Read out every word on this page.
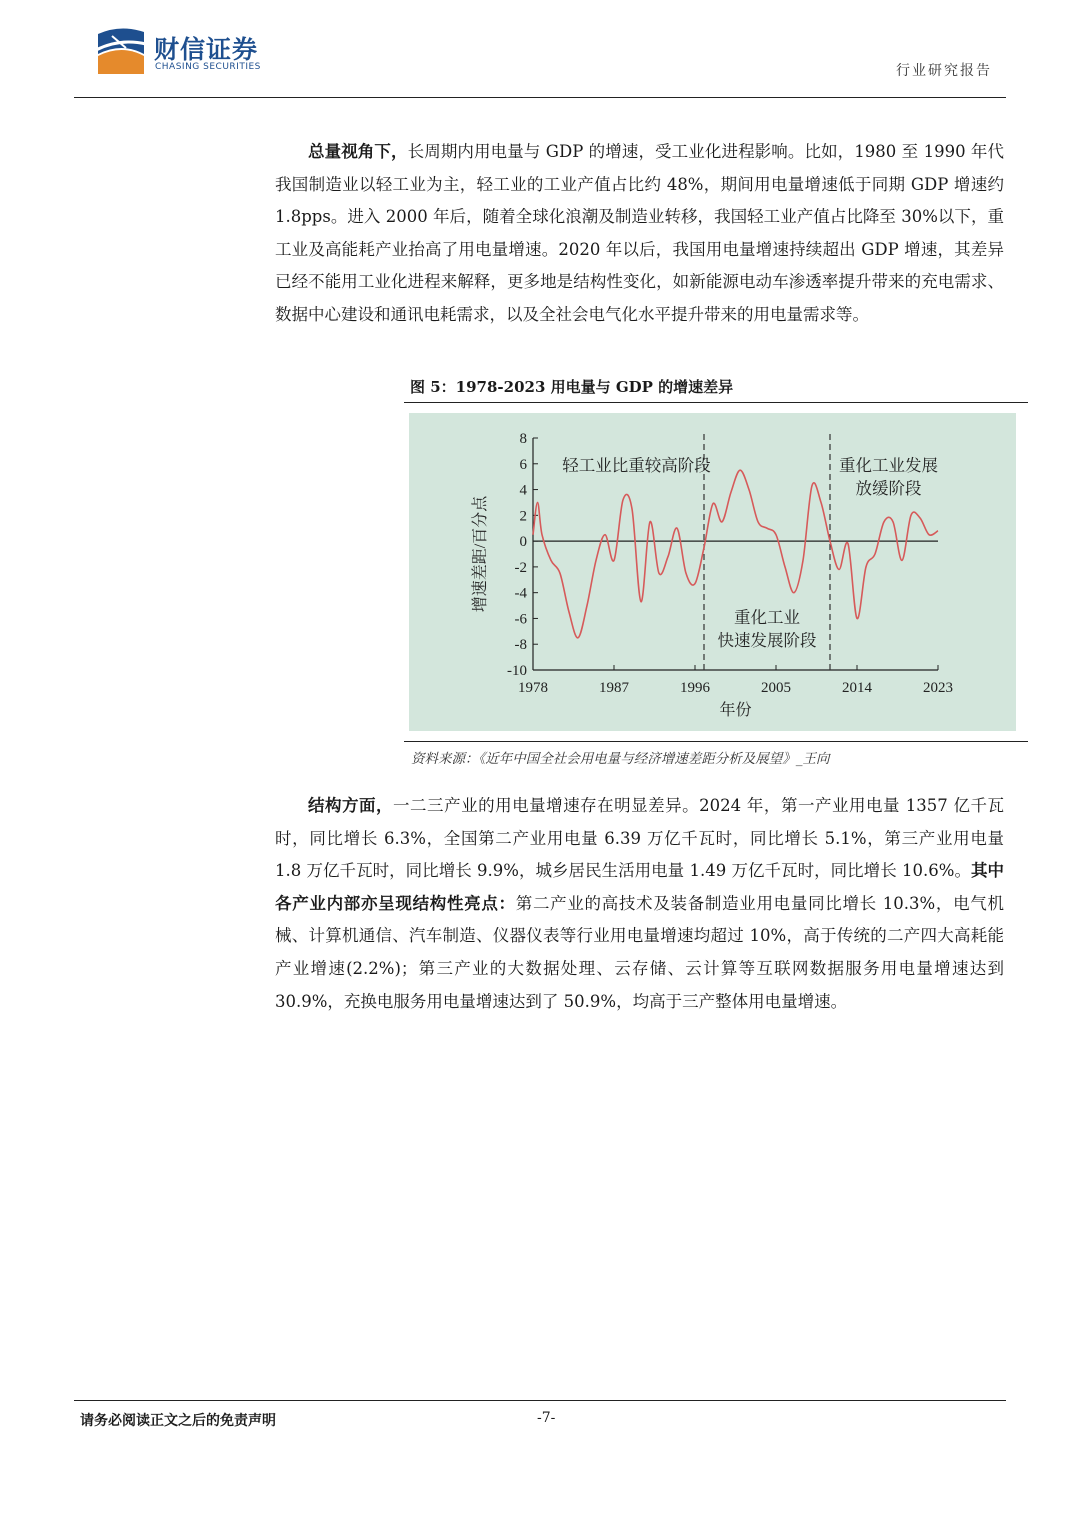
财信证券
CHASING SECURITIES	行业研究报告

总量视角下，长周期内用电量与 GDP 的增速，受工业化进程影响。比如，1980 至 1990 年代我国制造业以轻工业为主，轻工业的工业产值占比约 48%，期间用电量增速低于同期 GDP 增速约 1.8pps。进入 2000 年后，随着全球化浪潮及制造业转移，我国轻工业产值占比降至 30%以下，重工业及高能耗产业抬高了用电量增速。2020 年以后，我国用电量增速持续超出 GDP 增速，其差异已经不能用工业化进程来解释，更多地是结构性变化，如新能源电动车渗透率提升带来的充电需求、数据中心建设和通讯电耗需求，以及全社会电气化水平提升带来的用电量需求等。

图 5：1978-2023 用电量与 GDP 的增速差异
8
6
4
2
0
-2
-4
-6
-8
-10
1978	1987	1996	2005	2014	2023
年份
增速差距/百分点
轻工业比重较高阶段
重化工业
快速发展阶段
重化工业发展
放缓阶段
资料来源：《近年中国全社会用电量与经济增速差距分析及展望》_王向

结构方面，一二三产业的用电量增速存在明显差异。2024 年，第一产业用电量 1357 亿千瓦时，同比增长 6.3%，全国第二产业用电量 6.39 万亿千瓦时，同比增长 5.1%，第三产业用电量 1.8 万亿千瓦时，同比增长 9.9%，城乡居民生活用电量 1.49 万亿千瓦时，同比增长 10.6%。其中各产业内部亦呈现结构性亮点：第二产业的高技术及装备制造业用电量同比增长 10.3%，电气机械、计算机通信、汽车制造、仪器仪表等行业用电量增速均超过 10%，高于传统的二产四大高耗能产业增速(2.2%)；第三产业的大数据处理、云存储、云计算等互联网数据服务用电量增速达到 30.9%，充换电服务用电量增速达到了 50.9%，均高于三产整体用电量增速。

请务必阅读正文之后的免责声明	-7-
